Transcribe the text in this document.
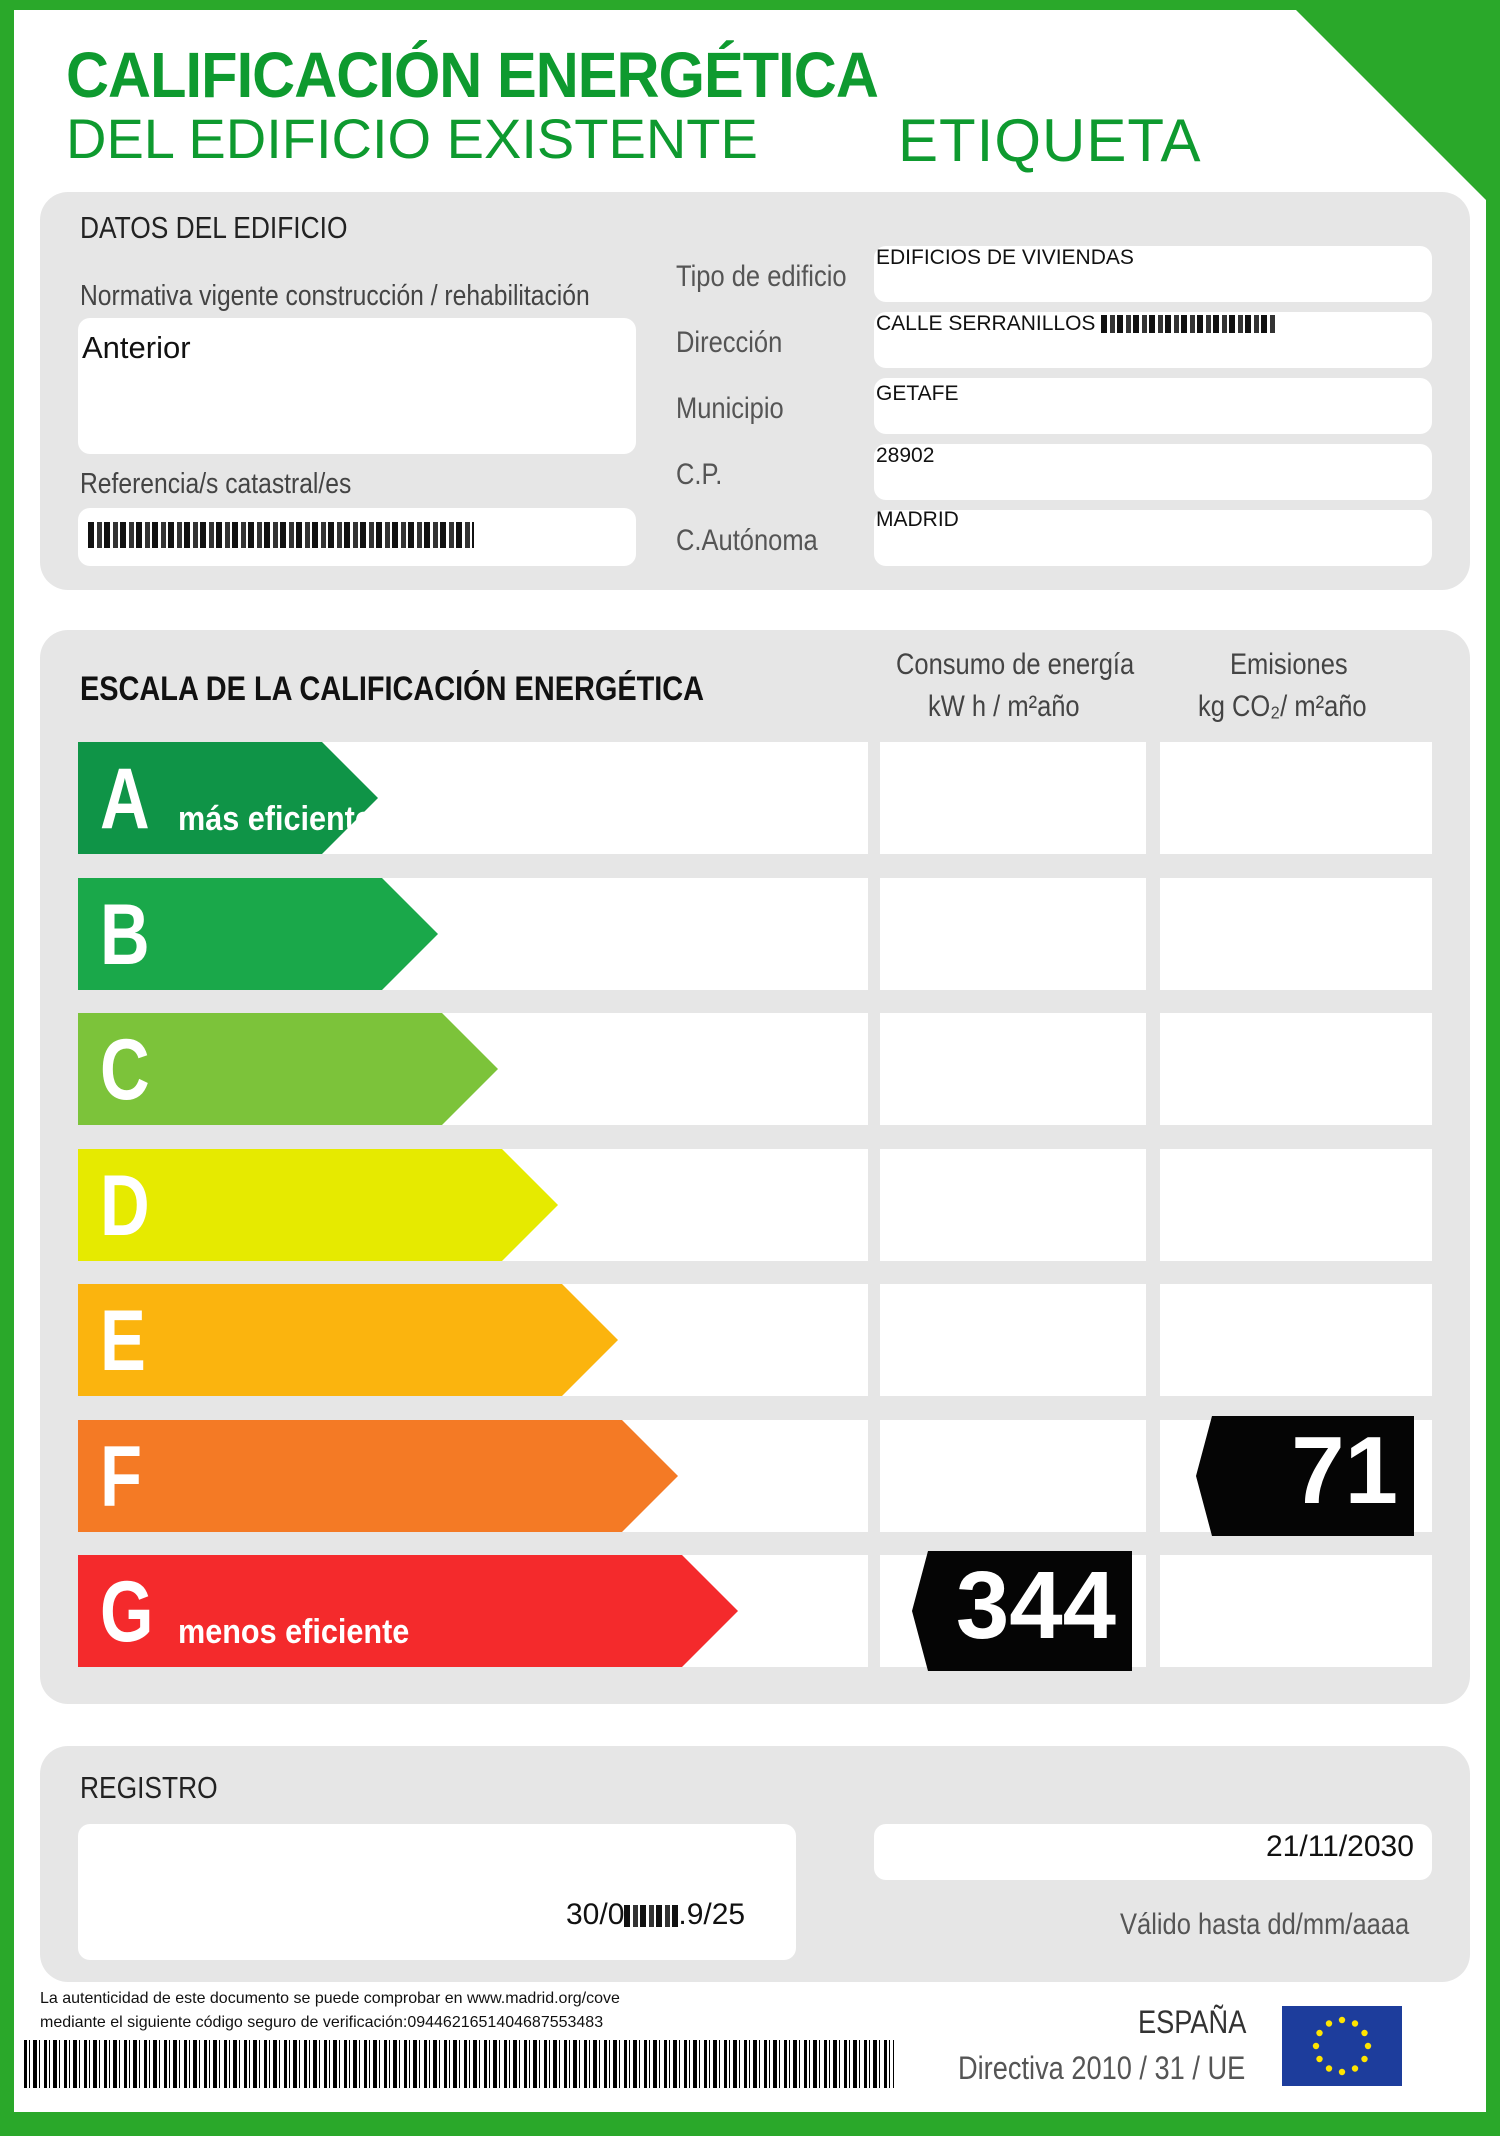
CALIFICACIÓN ENERGÉTICA
DEL EDIFICIO EXISTENTE ETIQUETA
DATOS DEL EDIFICIO
Normativa vigente construcción / rehabilitación
Anterior
Referencia/s catastral/es
Tipo de edificio
Dirección
Municipio
C.P.
C.Autónoma
EDIFICIOS DE VIVIENDAS
CALLE SERRANILLOS
GETAFE
28902
MADRID
ESCALA DE LA CALIFICACIÓN ENERGÉTICA
Consumo de energía
kW h / m²año
Emisiones
kg CO₂/ m²año
A más eficiente
B
C
D
E
F
G menos eficiente	344
71
REGISTRO
30/0 .9/25
21/11/2030
Válido hasta dd/mm/aaaa
La autenticidad de este documento se puede comprobar en www.madrid.org/cove
mediante el siguiente código seguro de verificación:0944621651404687553483	ESPAÑA
Directiva 2010 / 31 / UE
